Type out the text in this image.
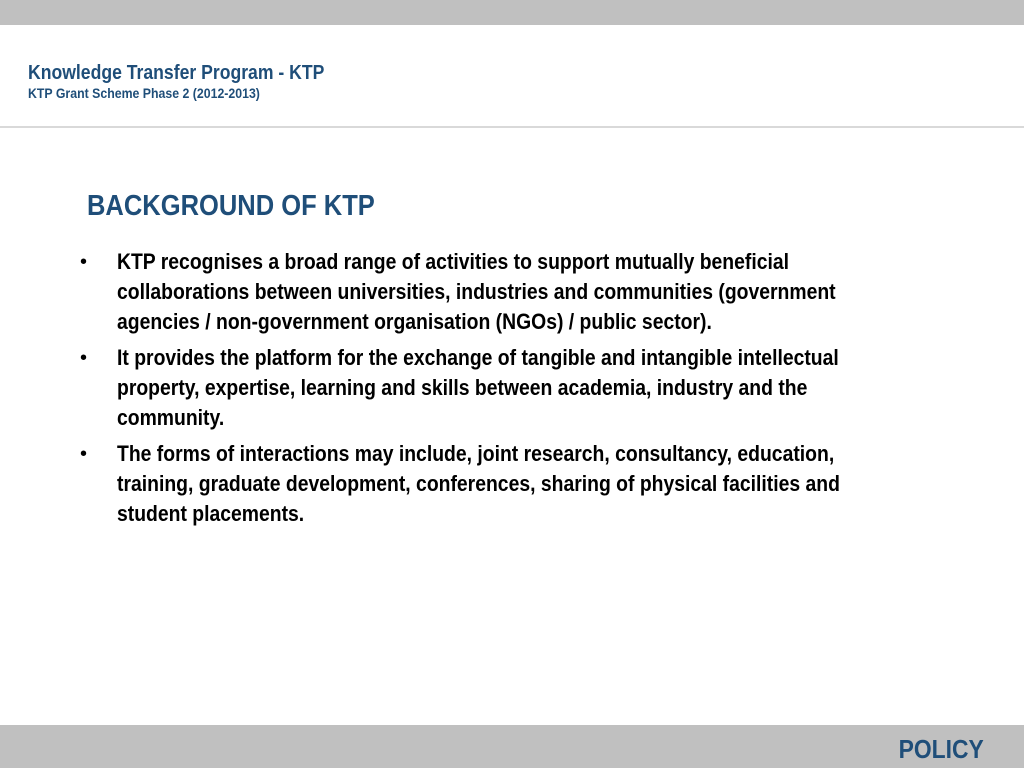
Knowledge Transfer Program - KTP
KTP Grant Scheme Phase 2 (2012-2013)
BACKGROUND OF KTP
• KTP recognises a broad range of activities to support mutually beneficial collaborations between universities, industries and communities (government agencies / non-government organisation (NGOs) / public sector).
• It provides the platform for the exchange of tangible and intangible intellectual property, expertise, learning and skills between academia, industry and the community.
• The forms of interactions may include, joint research, consultancy, education, training, graduate development, conferences, sharing of physical facilities and student placements.
POLICY
